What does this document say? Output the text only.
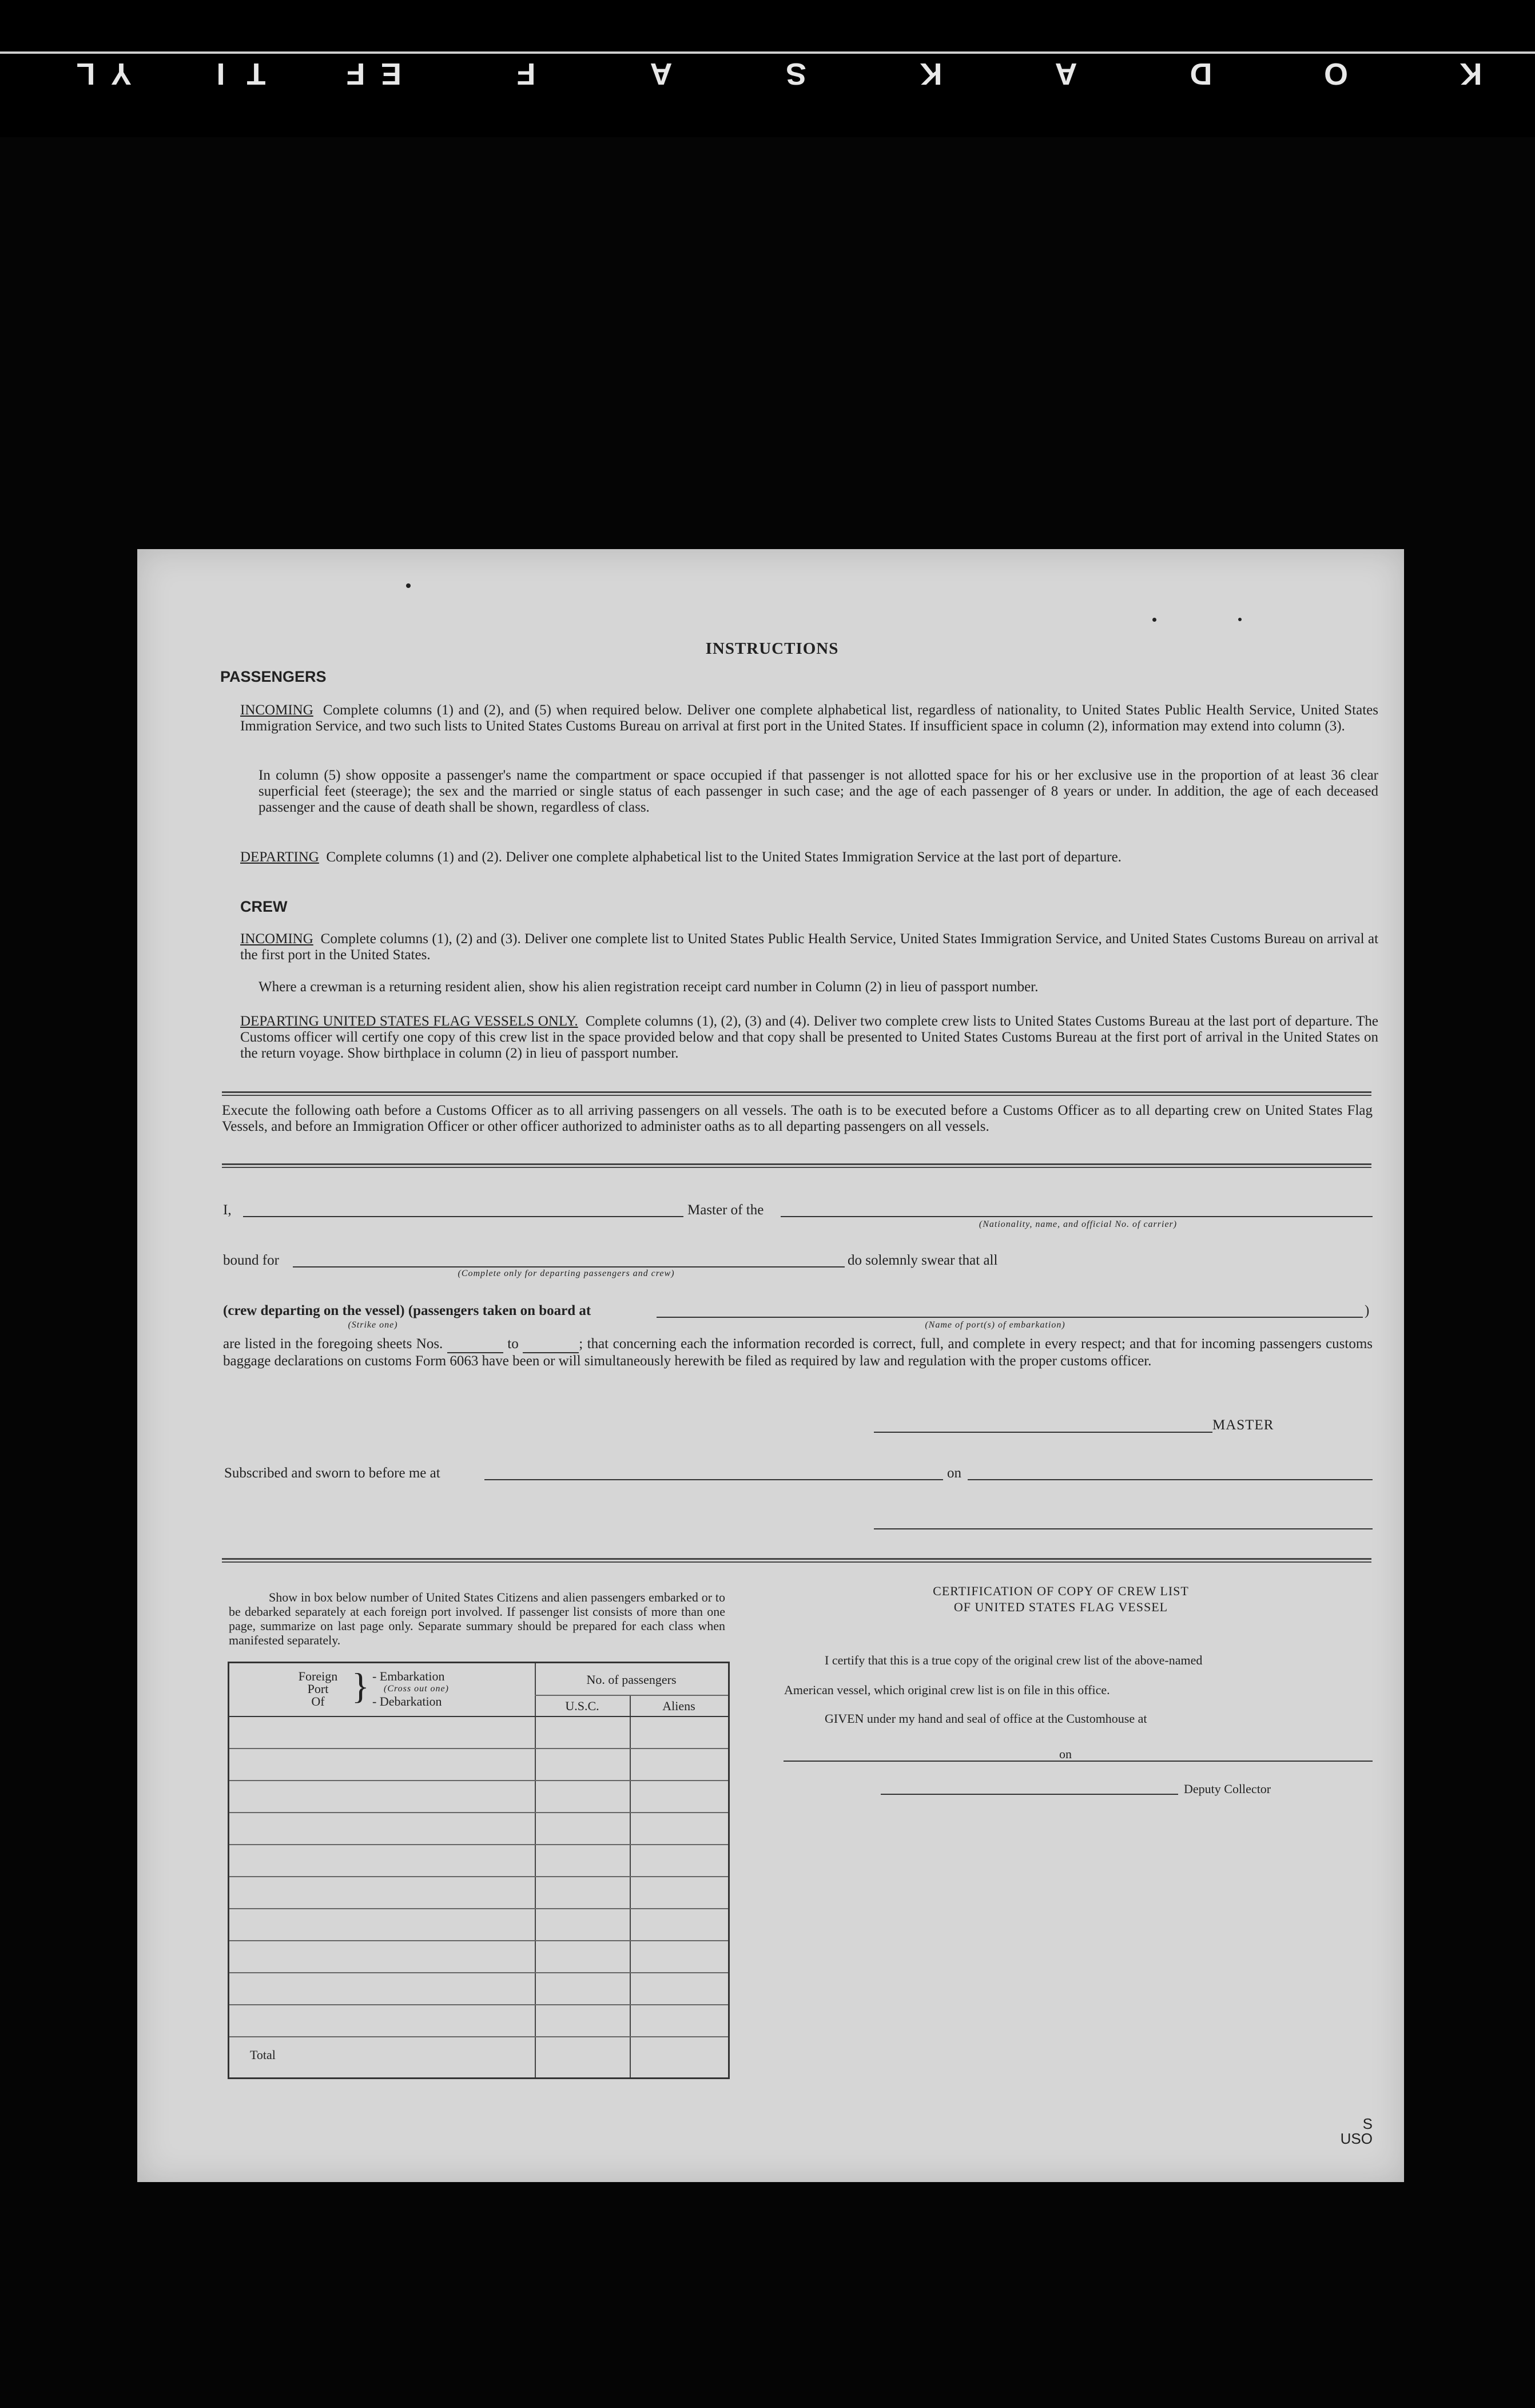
KODAKSAFETY	FIL
INSTRUCTIONS
PASSENGERS
INCOMING Complete columns (1) and (2), and (5) when required below. Deliver one complete alphabetical list, regardless of nationality, to United States Public Health Service, United States Immigration Service, and two such lists to United States Customs Bureau on arrival at first port in the United States. If insufficient space in column (2), information may extend into column (3).
In column (5) show opposite a passenger's name the compartment or space occupied if that passenger is not allotted space for his or her exclusive use in the proportion of at least 36 clear superficial feet (steerage); the sex and the married or single status of each passenger in such case; and the age of each passenger of 8 years or under. In addition, the age of each deceased passenger and the cause of death shall be shown, regardless of class.
DEPARTING Complete columns (1) and (2). Deliver one complete alphabetical list to the United States Immigration Service at the last port of departure.
CREW
INCOMING Complete columns (1), (2) and (3). Deliver one complete list to United States Public Health Service, United States Immigration Service, and United States Customs Bureau on arrival at the first port in the United States.
Where a crewman is a returning resident alien, show his alien registration receipt card number in Column (2) in lieu of passport number.
DEPARTING UNITED STATES FLAG VESSELS ONLY. Complete columns (1), (2), (3) and (4). Deliver two complete crew lists to United States Customs Bureau at the last port of departure. The Customs officer will certify one copy of this crew list in the space provided below and that copy shall be presented to United States Customs Bureau at the first port of arrival in the United States on the return voyage. Show birthplace in column (2) in lieu of passport number.
Execute the following oath before a Customs Officer as to all arriving passengers on all vessels. The oath is to be executed before a Customs Officer as to all departing crew on United States Flag Vessels, and before an Immigration Officer or other officer authorized to administer oaths as to all departing passengers on all vessels.
I,	Master of the
(Nationality, name, and official No. of carrier)
bound for
(Complete only for departing passengers and crew)
do solemnly swear that all
(crew departing on the vessel) (passengers taken on board at	)
(Strike one)	(Name of port(s) of embarkation)
are listed in the foregoing sheets Nos.	to	; that concerning each the information recorded is correct, full, and complete in every respect; and that for incoming passengers customs baggage declarations on customs Form 6063 have been or will simultaneously herewith be filed as required by law and regulation with the proper customs officer.
MASTER
Subscribed and sworn to before me at	on
Show in box below number of United States Citizens and alien passengers embarked or to be debarked separately at each foreign port involved. If passenger list consists of more than one page, summarize on last page only. Separate summary should be prepared for each class when manifested separately.
Foreign
Port
Of } - Embarkation
(Cross out one)
- Debarkation
No. of passengers
U.S.C.	Aliens
Total
CERTIFICATION OF COPY OF CREW LIST
OF UNITED STATES FLAG VESSEL
I certify that this is a true copy of the original crew list of the above-named
American vessel, which original crew list is on file in this office.
GIVEN under my hand and seal of office at the Customhouse at
on
Deputy Collector
S
USO
